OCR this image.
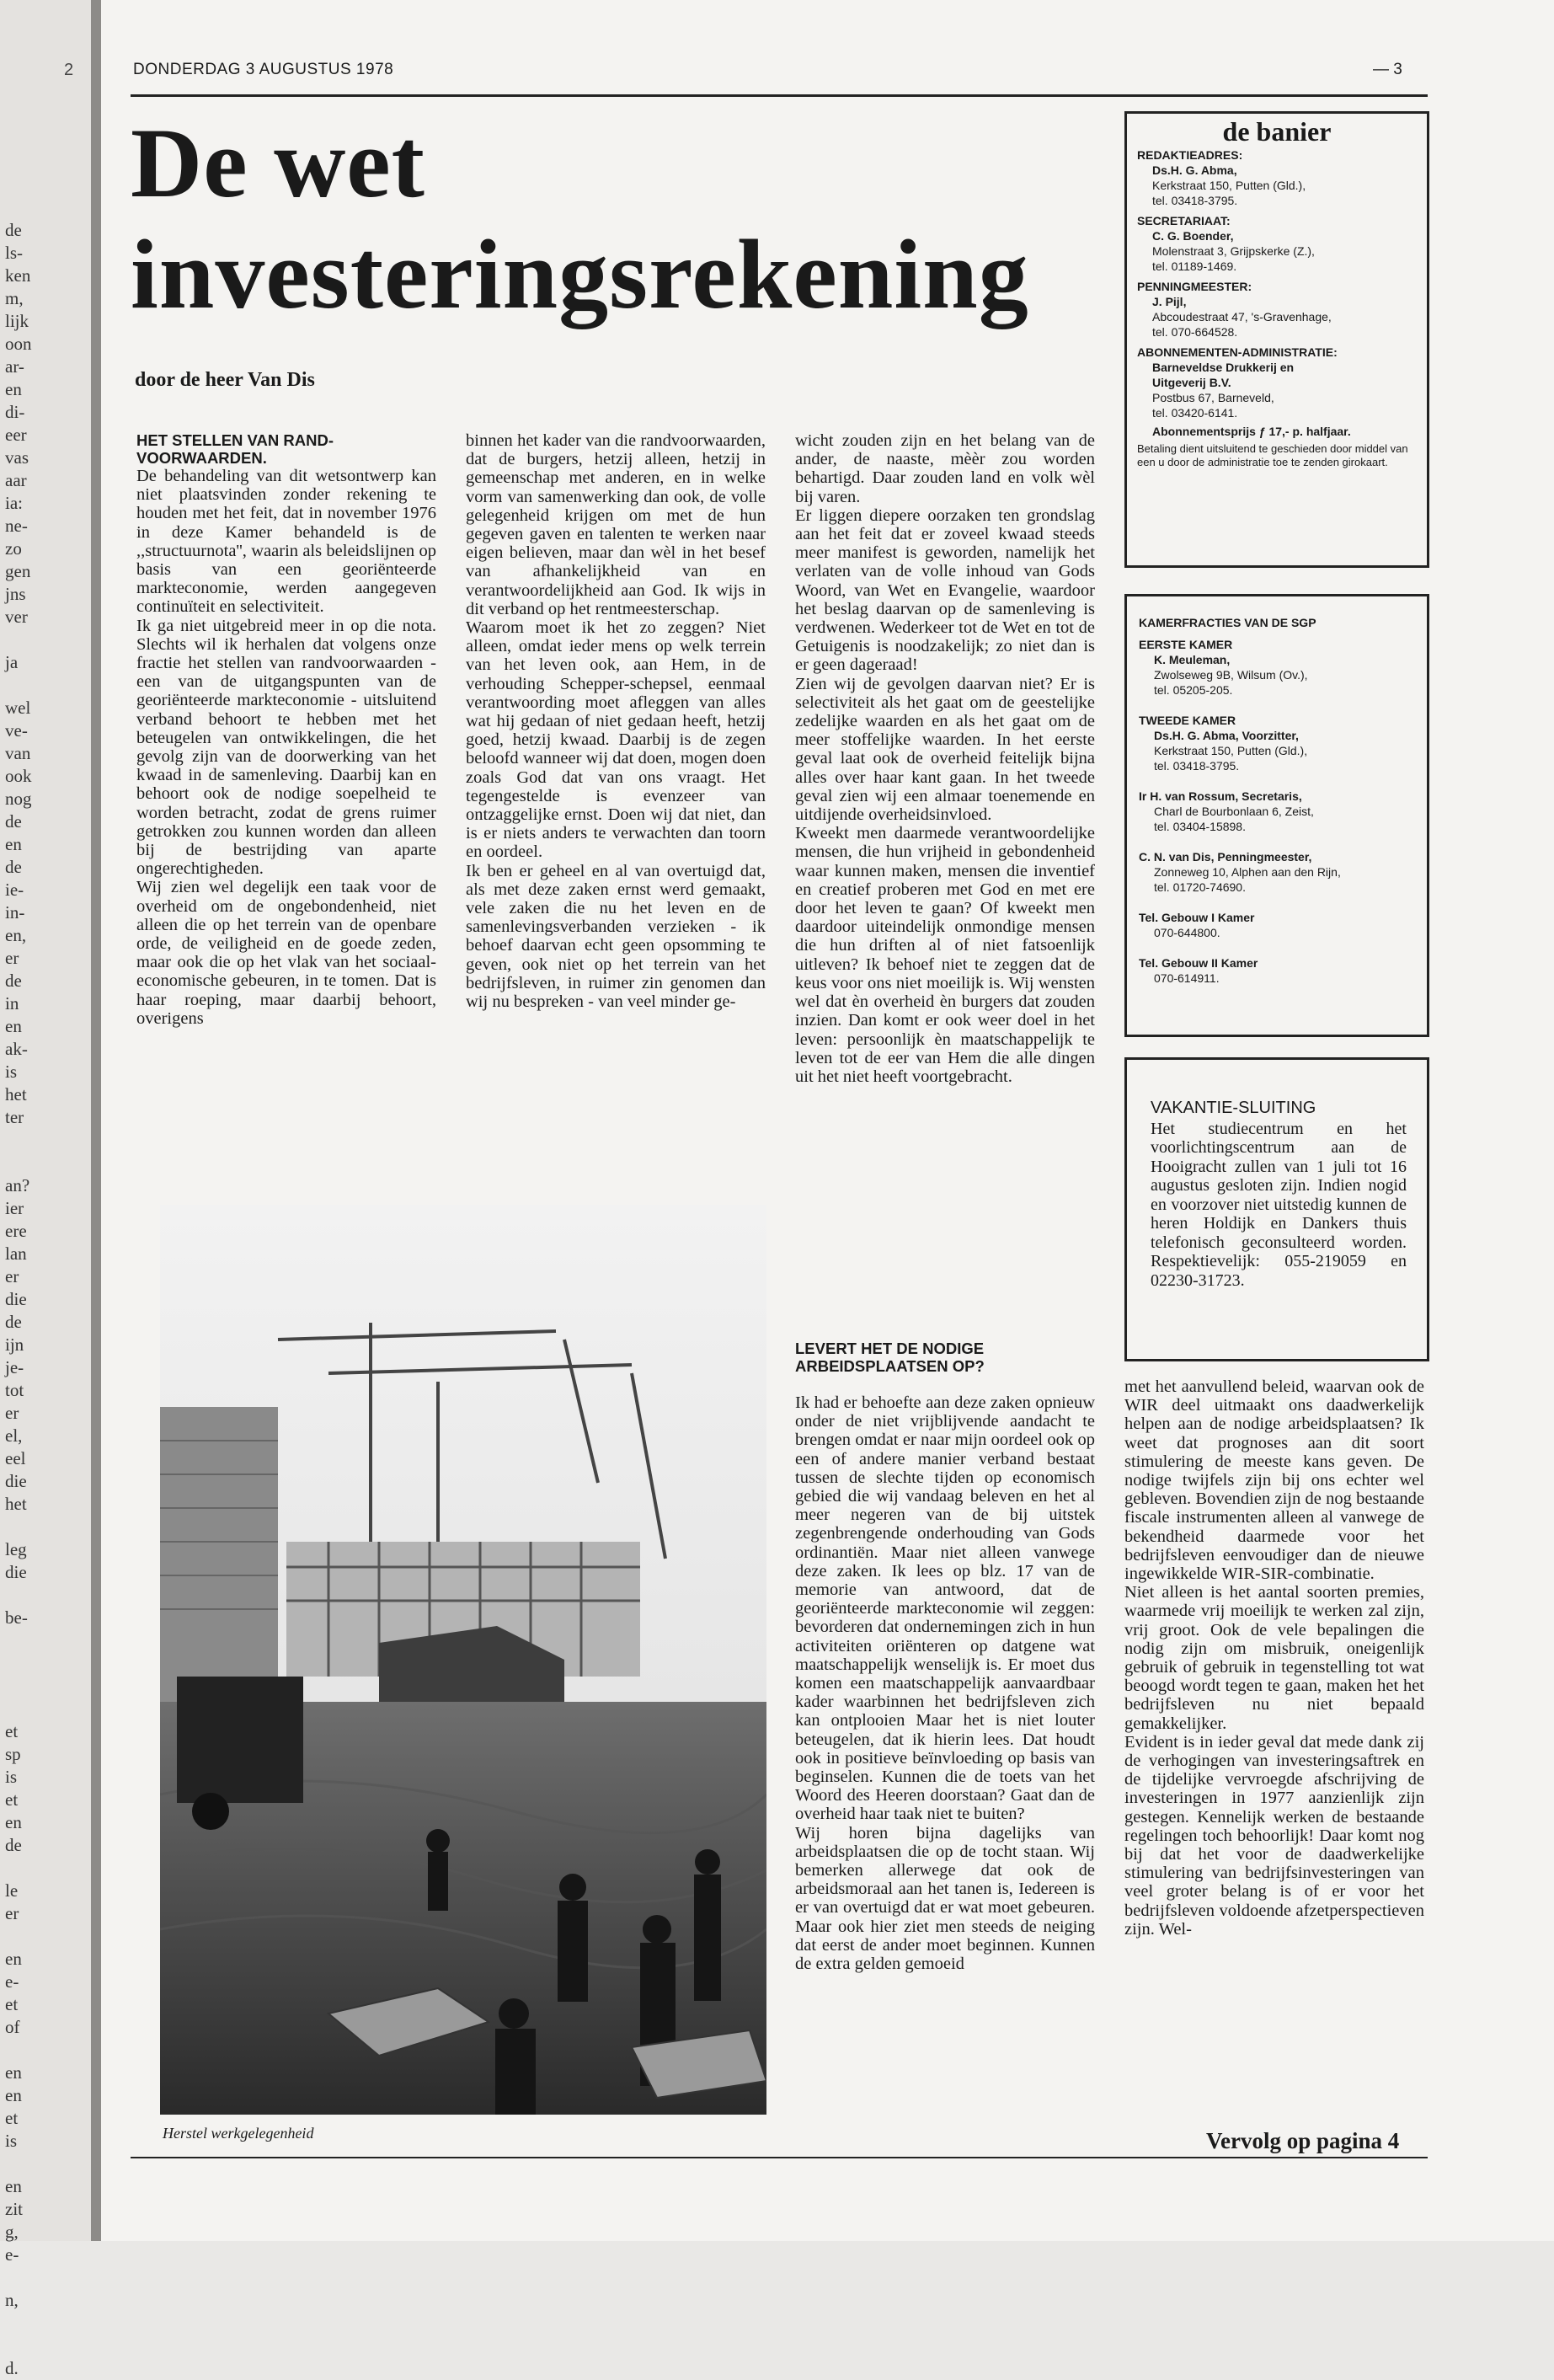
2
de
ls-
ken
m,
lijk
oon
ar-
en
di-
eer
vas
aar
ia:
ne-
zo
gen
jns
ver
ja
wel
ve-
van
ook
nog
de
en
de
ie-
in-
en,
er
de
in
en
ak-
is
het
ter
an?
ier
ere
lan
er
die
de
ijn
je-
tot
er
el,
eel
die
het
leg
die
be-
et
sp
is
et
en
de
le
er
en
e-
et
of
en
en
et
is
en
zit
g,
e-
n,
d.
DONDERDAG 3 AUGUSTUS 1978	— 3
De wet
investeringsrekening
door de heer Van Dis
HET STELLEN VAN RAND-
VOORWAARDEN.

De behandeling van dit wetsontwerp kan niet plaatsvinden zonder rekening te houden met het feit, dat in november 1976 in deze Kamer behandeld is de ,,structuurnota'', waarin als beleidslijnen op basis van een georiënteerde markteconomie, werden aangegeven continuïteit en selectiviteit.

Ik ga niet uitgebreid meer in op die nota. Slechts wil ik herhalen dat volgens onze fractie het stellen van randvoorwaarden - een van de uitgangspunten van de georiënteerde markteconomie - uitsluitend verband behoort te hebben met het beteugelen van ontwikkelingen, die het gevolg zijn van de doorwerking van het kwaad in de samenleving. Daarbij kan en behoort ook de nodige soepelheid te worden betracht, zodat de grens ruimer getrokken zou kunnen worden dan alleen bij de bestrijding van aparte ongerechtigheden.

Wij zien wel degelijk een taak voor de overheid om de ongebondenheid, niet alleen die op het terrein van de openbare orde, de veiligheid en de goede zeden, maar ook die op het vlak van het sociaal-economische gebeuren, in te tomen. Dat is haar roeping, maar daarbij behoort, overigens

binnen het kader van die randvoorwaarden, dat de burgers, hetzij alleen, hetzij in gemeenschap met anderen, en in welke vorm van samenwerking dan ook, de volle gelegenheid krijgen om met de hun gegeven gaven en talenten te werken naar eigen believen, maar dan wèl in het besef van afhankelijkheid van en verantwoordelijkheid aan God. Ik wijs in dit verband op het rentmeesterschap.

Waarom moet ik het zo zeggen? Niet alleen, omdat ieder mens op welk terrein van het leven ook, aan Hem, in de verhouding Schepper-schepsel, eenmaal verantwoording moet afleggen van alles wat hij gedaan of niet gedaan heeft, hetzij goed, hetzij kwaad. Daarbij is de zegen beloofd wanneer wij dat doen, mogen doen zoals God dat van ons vraagt. Het tegengestelde is evenzeer van ontzaggelijke ernst. Doen wij dat niet, dan is er niets anders te verwachten dan toorn en oordeel.

Ik ben er geheel en al van overtuigd dat, als met deze zaken ernst werd gemaakt, vele zaken die nu het leven en de samenlevingsverbanden verzieken - ik behoef daarvan echt geen opsomming te geven, ook niet op het terrein van het bedrijfsleven, in ruimer zin genomen dan wij nu bespreken - van veel minder ge-

wicht zouden zijn en het belang van de ander, de naaste, mèèr zou worden behartigd. Daar zouden land en volk wèl bij varen.

Er liggen diepere oorzaken ten grondslag aan het feit dat er zoveel kwaad steeds meer manifest is geworden, namelijk het verlaten van de volle inhoud van Gods Woord, van Wet en Evangelie, waardoor het beslag daarvan op de samenleving is verdwenen. Wederkeer tot de Wet en tot de Getuigenis is noodzakelijk; zo niet dan is er geen dageraad!

Zien wij de gevolgen daarvan niet? Er is selectiviteit als het gaat om de geestelijke zedelijke waarden en als het gaat om de meer stoffelijke waarden. In het eerste geval laat ook de overheid feitelijk bijna alles over haar kant gaan. In het tweede geval zien wij een almaar toenemende en uitdijende overheidsinvloed.

Kweekt men daarmede verantwoordelijke mensen, die hun vrijheid in gebondenheid waar kunnen maken, mensen die inventief en creatief proberen met God en met ere door het leven te gaan? Of kweekt men daardoor uiteindelijk onmondige mensen die hun driften al of niet fatsoenlijk uitleven? Ik behoef niet te zeggen dat de keus voor ons niet moeilijk is. Wij wensten wel dat èn overheid èn burgers dat zouden inzien. Dan komt er ook weer doel in het leven: persoonlijk èn maatschappelijk te leven tot de eer van Hem die alle dingen uit het niet heeft voortgebracht.

LEVERT HET DE NODIGE
ARBEIDSPLAATSEN OP?

Ik had er behoefte aan deze zaken opnieuw onder de niet vrijblijvende aandacht te brengen omdat er naar mijn oordeel ook op een of andere manier verband bestaat tussen de slechte tijden op economisch gebied die wij vandaag beleven en het al meer negeren van de bij uitstek zegenbrengende onderhouding van Gods ordinantiën. Maar niet alleen vanwege deze zaken. Ik lees op blz. 17 van de memorie van antwoord, dat de georiënteerde markteconomie wil zeggen: bevorderen dat ondernemingen zich in hun activiteiten oriënteren op datgene wat maatschappelijk wenselijk is. Er moet dus komen een maatschappelijk aanvaardbaar kader waarbinnen het bedrijfsleven zich kan ontplooien Maar het is niet louter beteugelen, dat ik hierin lees. Dat houdt ook in positieve beïnvloeding op basis van beginselen. Kunnen die de toets van het Woord des Heeren doorstaan? Gaat dan de overheid haar taak niet te buiten?

Wij horen bijna dagelijks van arbeidsplaatsen die op de tocht staan. Wij bemerken allerwege dat ook de arbeidsmoraal aan het tanen is, Iedereen is er van overtuigd dat er wat moet gebeuren. Maar ook hier ziet men steeds de neiging dat eerst de ander moet beginnen. Kunnen de extra gelden gemoeid

met het aanvullend beleid, waarvan ook de WIR deel uitmaakt ons daadwerkelijk helpen aan de nodige arbeidsplaatsen? Ik weet dat prognoses aan dit soort stimulering de meeste kans geven. De nodige twijfels zijn bij ons echter wel gebleven. Bovendien zijn de nog bestaande fiscale instrumenten alleen al vanwege de bekendheid daarmede voor het bedrijfsleven eenvoudiger dan de nieuwe ingewikkelde WIR-SIR-combinatie.

Niet alleen is het aantal soorten premies, waarmede vrij moeilijk te werken zal zijn, vrij groot. Ook de vele bepalingen die nodig zijn om misbruik, oneigenlijk gebruik of gebruik in tegenstelling tot wat beoogd wordt tegen te gaan, maken het het bedrijfsleven nu niet bepaald gemakkelijker.

Evident is in ieder geval dat mede dank zij de verhogingen van investeringsaftrek en de tijdelijke vervroegde afschrijving de investeringen in 1977 aanzienlijk zijn gestegen. Kennelijk werken de bestaande regelingen toch behoorlijk! Daar komt nog bij dat het voor de daadwerkelijke stimulering van bedrijfsinvesteringen van veel groter belang is of er voor het bedrijfsleven voldoende afzetperspectieven zijn. Wel-

de banier
REDAKTIEADRES:
Ds.H. G. Abma,
Kerkstraat 150, Putten (Gld.),
tel. 03418-3795.
SECRETARIAAT:
C. G. Boender,
Molenstraat 3, Grijpskerke (Z.),
tel. 01189-1469.
PENNINGMEESTER:
J. Pijl,
Abcoudestraat 47, 's-Gravenhage,
tel. 070-664528.
ABONNEMENTEN-ADMINISTRATIE:
Barneveldse Drukkerij en
Uitgeverij B.V.
Postbus 67, Barneveld,
tel. 03420-6141.
Abonnementsprijs ƒ 17,- p. halfjaar.
Betaling dient uitsluitend te geschieden door middel van een u door de administratie toe te zenden girokaart.
KAMERFRACTIES VAN DE SGP
EERSTE KAMER
K. Meuleman,
Zwolseweg 9B, Wilsum (Ov.),
tel. 05205-205.
TWEEDE KAMER
Ds.H. G. Abma, Voorzitter,
Kerkstraat 150, Putten (Gld.),
tel. 03418-3795.
Ir H. van Rossum, Secretaris,
Charl de Bourbonlaan 6, Zeist,
tel. 03404-15898.
C. N. van Dis, Penningmeester,
Zonneweg 10, Alphen aan den Rijn,
tel. 01720-74690.
Tel. Gebouw I Kamer
070-644800.
Tel. Gebouw II Kamer
070-614911.
VAKANTIE-SLUITING
Het studiecentrum en het voorlichtingscentrum aan de Hooigracht zullen van 1 juli tot 16 augustus gesloten zijn. Indien nogid en voorzover niet uitstedig kunnen de heren Holdijk en Dankers thuis telefonisch geconsulteerd worden. Respektievelijk: 055-219059 en 02230-31723.
Herstel werkgelegenheid	Vervolg op pagina 4
